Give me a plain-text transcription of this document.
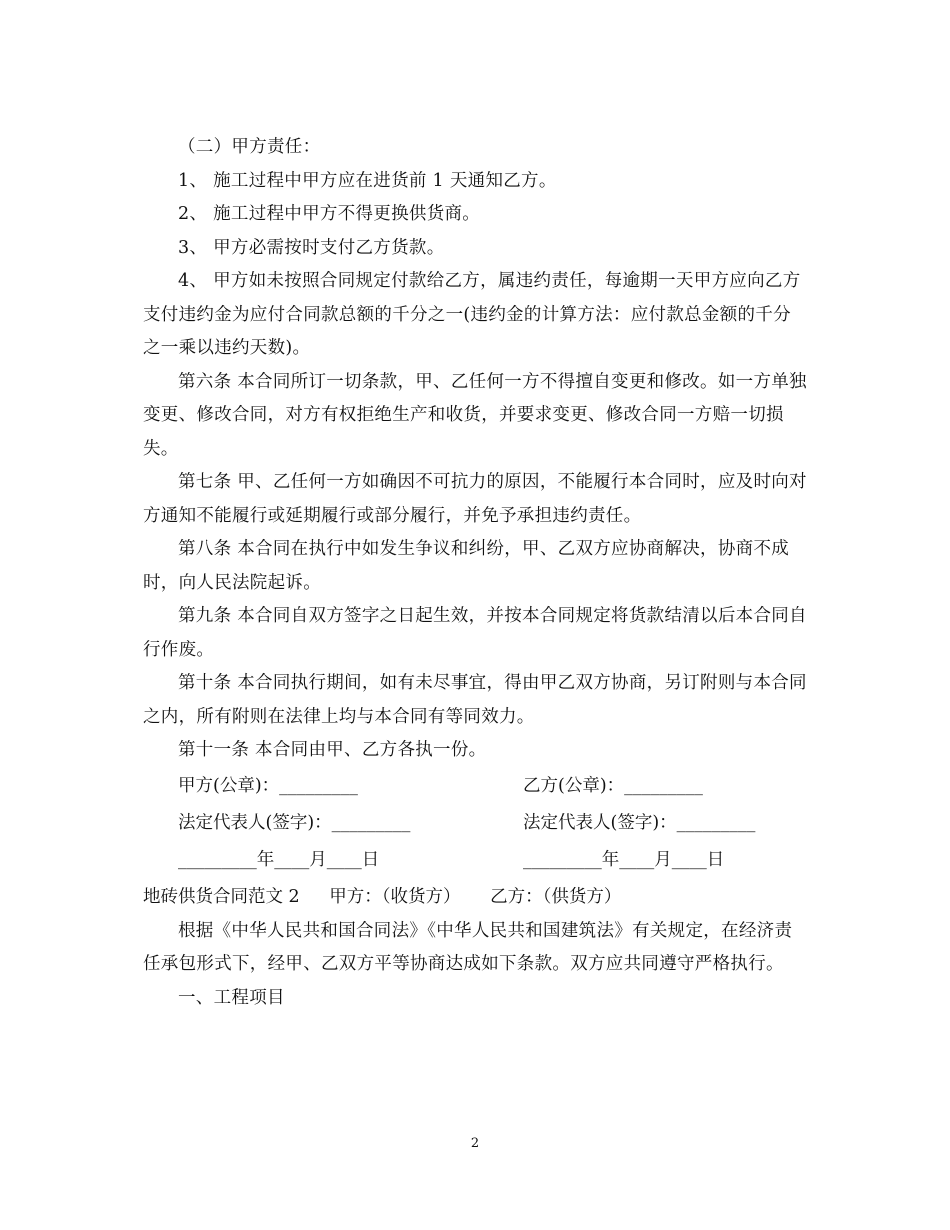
（二）甲方责任：

1、 施工过程中甲方应在进货前 1 天通知乙方。

2、 施工过程中甲方不得更换供货商。

3、 甲方必需按时支付乙方货款。

4、 甲方如未按照合同规定付款给乙方，属违约责任，每逾期一天甲方应向乙方支付违约金为应付合同款总额的千分之一(违约金的计算方法：应付款总金额的千分之一乘以违约天数)。

第六条 本合同所订一切条款，甲、乙任何一方不得擅自变更和修改。如一方单独变更、修改合同，对方有权拒绝生产和收货，并要求变更、修改合同一方赔一切损失。

第七条 甲、乙任何一方如确因不可抗力的原因，不能履行本合同时，应及时向对方通知不能履行或延期履行或部分履行，并免予承担违约责任。

第八条 本合同在执行中如发生争议和纠纷，甲、乙双方应协商解决，协商不成时，向人民法院起诉。

第九条 本合同自双方签字之日起生效，并按本合同规定将货款结清以后本合同自行作废。

第十条 本合同执行期间，如有未尽事宜，得由甲乙双方协商，另订附则与本合同之内，所有附则在法律上均与本合同有等同效力。

第十一条 本合同由甲、乙方各执一份。

甲方(公章)：_________	乙方(公章)：_________
法定代表人(签字)：_________	法定代表人(签字)：_________
_________年____月____日	_________年____月____日
地砖供货合同范文 2 甲方：（收货方） 乙方：（供货方）

根据《中华人民共和国合同法》《中华人民共和国建筑法》有关规定，在经济责任承包形式下，经甲、乙双方平等协商达成如下条款。双方应共同遵守严格执行。

一、工程项目

2
